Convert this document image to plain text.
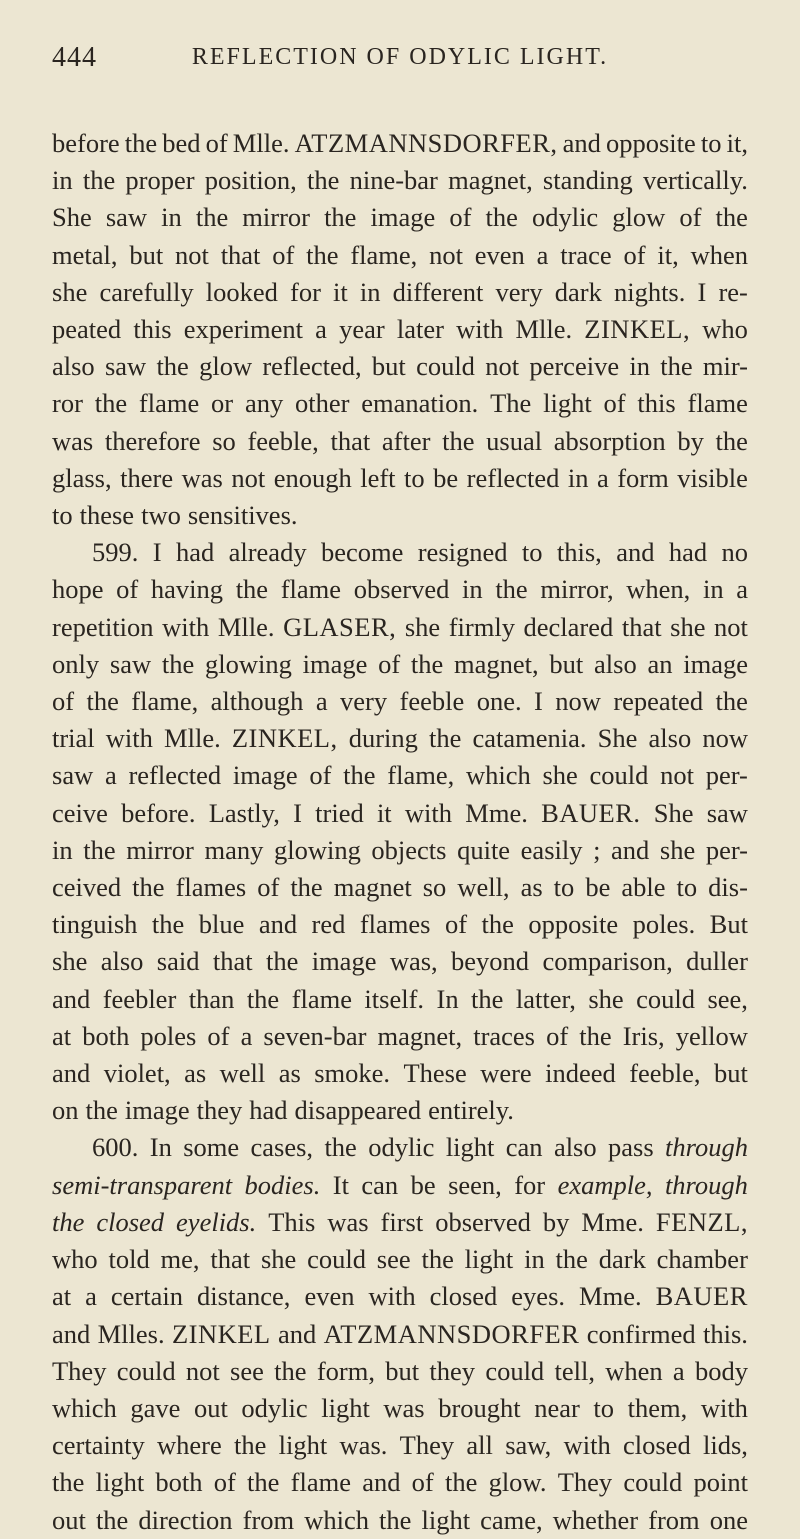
444	REFLECTION OF ODYLIC LIGHT.
before the bed of Mlle. ATZMANNSDORFER, and opposite to it,
in the proper position, the nine-bar magnet, standing vertically.
She saw in the mirror the image of the odylic glow of the
metal, but not that of the flame, not even a trace of it, when
she carefully looked for it in different very dark nights. I re-
peated this experiment a year later with Mlle. ZINKEL, who
also saw the glow reflected, but could not perceive in the mir-
ror the flame or any other emanation. The light of this flame
was therefore so feeble, that after the usual absorption by the
glass, there was not enough left to be reflected in a form visible
to these two sensitives.
599. I had already become resigned to this, and had no
hope of having the flame observed in the mirror, when, in a
repetition with Mlle. GLASER, she firmly declared that she not
only saw the glowing image of the magnet, but also an image
of the flame, although a very feeble one. I now repeated the
trial with Mlle. ZINKEL, during the catamenia. She also now
saw a reflected image of the flame, which she could not per-
ceive before. Lastly, I tried it with Mme. BAUER. She saw
in the mirror many glowing objects quite easily ; and she per-
ceived the flames of the magnet so well, as to be able to dis-
tinguish the blue and red flames of the opposite poles. But
she also said that the image was, beyond comparison, duller
and feebler than the flame itself. In the latter, she could see,
at both poles of a seven-bar magnet, traces of the Iris, yellow
and violet, as well as smoke. These were indeed feeble, but
on the image they had disappeared entirely.
600. In some cases, the odylic light can also pass through
semi-transparent bodies. It can be seen, for example, through
the closed eyelids. This was first observed by Mme. FENZL,
who told me, that she could see the light in the dark chamber
at a certain distance, even with closed eyes. Mme. BAUER
and Mlles. ZINKEL and ATZMANNSDORFER confirmed this.
They could not see the form, but they could tell, when a body
which gave out odylic light was brought near to them, with
certainty where the light was. They all saw, with closed lids,
the light both of the flame and of the glow. They could point
out the direction from which the light came, whether from one
